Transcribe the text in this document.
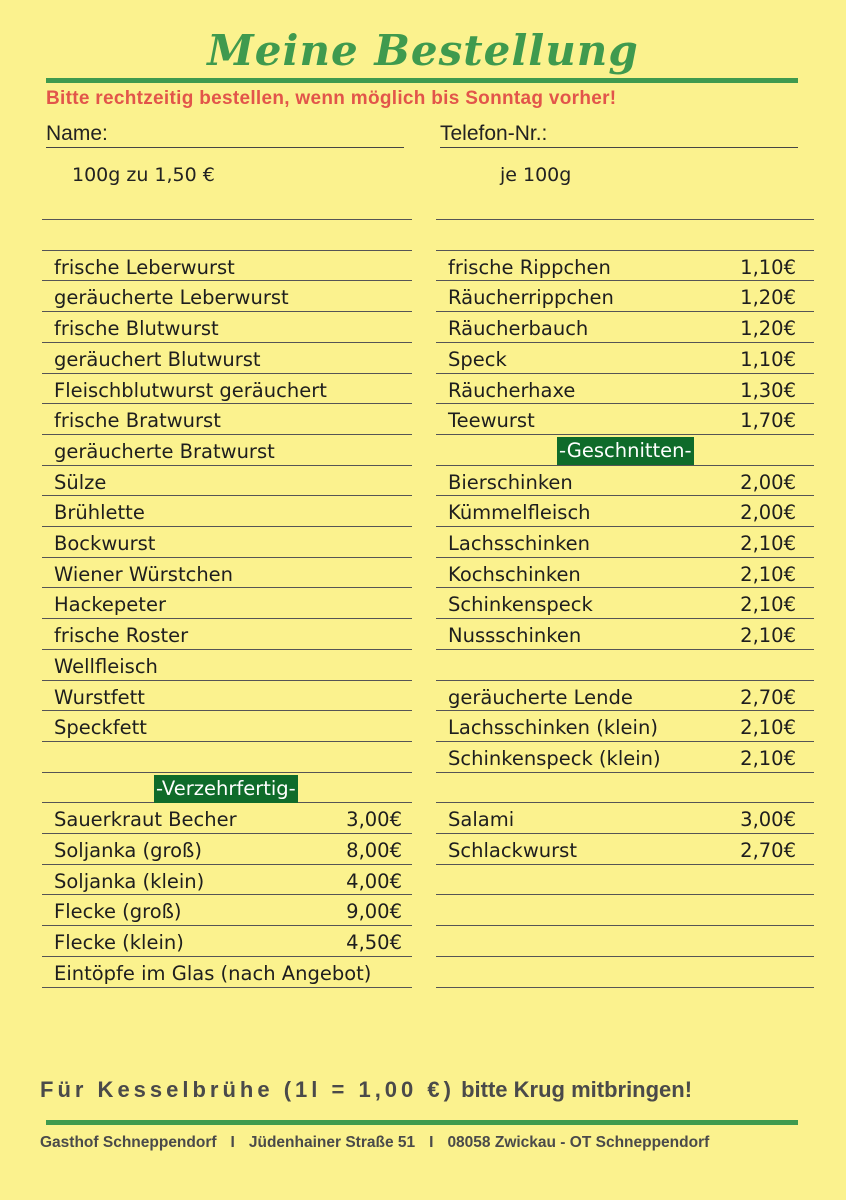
Meine Bestellung
Bitte rechtzeitig bestellen, wenn möglich bis Sonntag vorher!
Name:	Telefon-Nr.:
100g zu 1,50 €	je 100g
Für Kesselbrühe (1l = 1,00 €) bitte Krug mitbringen!
Gasthof Schneppendorf I Jüdenhainer Straße 51 I 08058 Zwickau - OT Schneppendorf
frische Leberwurst
geräucherte Leberwurst
frische Blutwurst
geräuchert Blutwurst
Fleischblutwurst geräuchert
frische Bratwurst
geräucherte Bratwurst
Sülze
Brühlette
Bockwurst
Wiener Würstchen
Hackepeter
frische Roster
Wellfleisch
Wurstfett
Speckfett
-Verzehrfertig-
Sauerkraut Becher	3,00€
Soljanka (groß)	8,00€
Soljanka (klein)	4,00€
Flecke (groß)	9,00€
Flecke (klein)	4,50€
Eintöpfe im Glas (nach Angebot)
frische Rippchen	1,10€
Räucherrippchen	1,20€
Räucherbauch	1,20€
Speck	1,10€
Räucherhaxe	1,30€
Teewurst	1,70€
-Geschnitten-
Bierschinken	2,00€
Kümmelfleisch	2,00€
Lachsschinken	2,10€
Kochschinken	2,10€
Schinkenspeck	2,10€
Nussschinken	2,10€
geräucherte Lende	2,70€
Lachsschinken (klein)	2,10€
Schinkenspeck (klein)	2,10€
Salami	3,00€
Schlackwurst	2,70€
